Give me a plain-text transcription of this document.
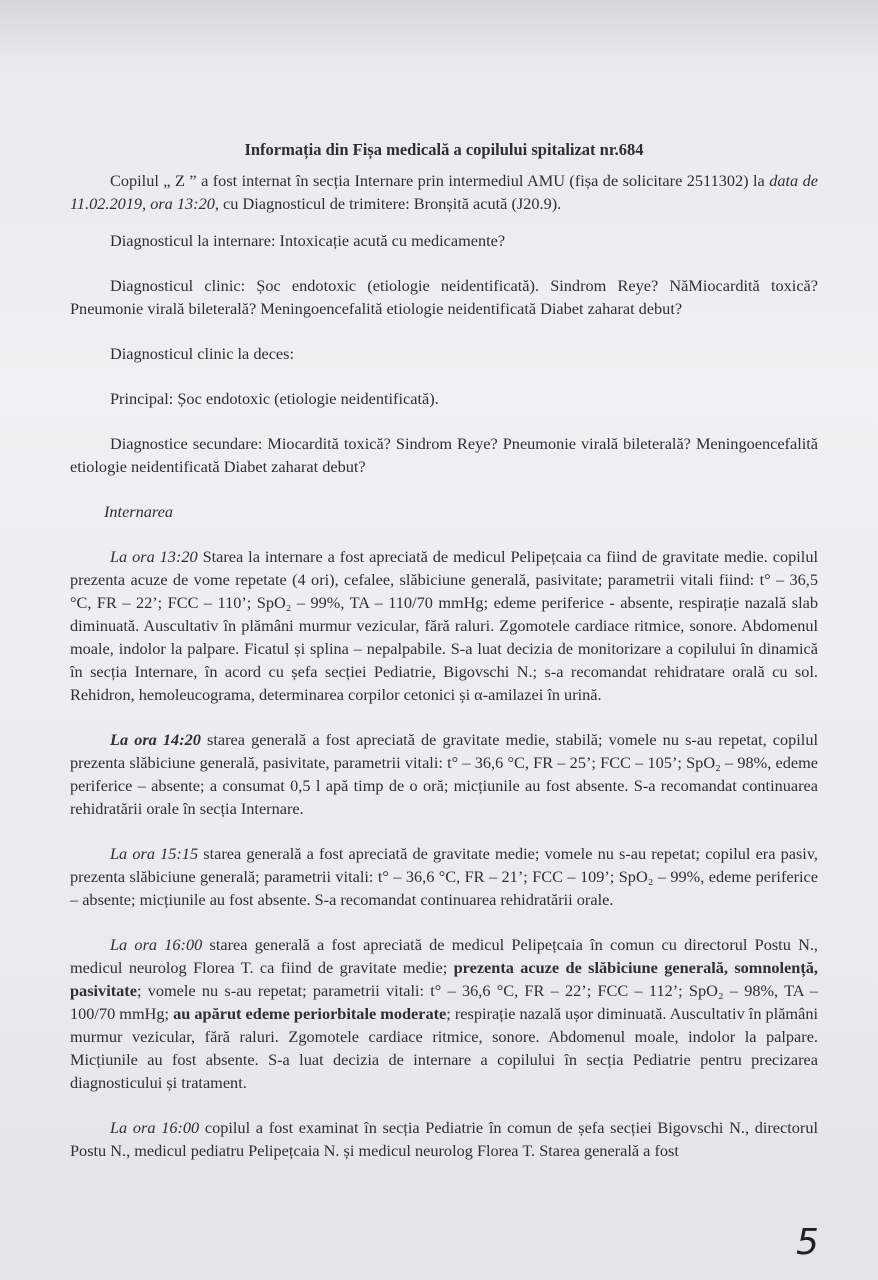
Informația din Fișa medicală a copilului spitalizat nr.684

Copilul „ Z ” a fost internat în secția Internare prin intermediul AMU (fișa de solicitare 2511302) la data de 11.02.2019, ora 13:20, cu Diagnosticul de trimitere: Bronșită acută (J20.9).

Diagnosticul la internare: Intoxicație acută cu medicamente?

Diagnosticul clinic: Șoc endotoxic (etiologie neidentificată). Sindrom Reye? NăMiocardită toxică? Pneumonie virală bileterală? Meningoencefalită etiologie neidentificată Diabet zaharat debut?

Diagnosticul clinic la deces:

Principal: Șoc endotoxic (etiologie neidentificată).

Diagnostice secundare: Miocardită toxică? Sindrom Reye? Pneumonie virală bileterală? Meningoencefalită etiologie neidentificată Diabet zaharat debut?

Internarea

La ora 13:20 Starea la internare a fost apreciată de medicul Pelipețcaia ca fiind de gravitate medie. copilul prezenta acuze de vome repetate (4 ori), cefalee, slăbiciune generală, pasivitate; parametrii vitali fiind: t° – 36,5 °C, FR – 22’; FCC – 110’; SpO₂ – 99%, TA – 110/70 mmHg; edeme periferice - absente, respirație nazală slab diminuată. Auscultativ în plămâni murmur vezicular, fără raluri. Zgomotele cardiace ritmice, sonore. Abdomenul moale, indolor la palpare. Ficatul și splina – nepalpabile. S-a luat decizia de monitorizare a copilului în dinamică în secția Internare, în acord cu șefa secției Pediatrie, Bigovschi N.; s-a recomandat rehidratare orală cu sol. Rehidron, hemoleucograma, determinarea corpilor cetonici și α-amilazei în urină.

La ora 14:20 starea generală a fost apreciată de gravitate medie, stabilă; vomele nu s-au repetat, copilul prezenta slăbiciune generală, pasivitate, parametrii vitali: t° – 36,6 °C, FR – 25’; FCC – 105’; SpO₂ – 98%, edeme periferice – absente; a consumat 0,5 l apă timp de o oră; micțiunile au fost absente. S-a recomandat continuarea rehidratării orale în secția Internare.

La ora 15:15 starea generală a fost apreciată de gravitate medie; vomele nu s-au repetat; copilul era pasiv, prezenta slăbiciune generală; parametrii vitali: t° – 36,6 °C, FR – 21’; FCC – 109’; SpO₂ – 99%, edeme periferice – absente; micțiunile au fost absente. S-a recomandat continuarea rehidratării orale.

La ora 16:00 starea generală a fost apreciată de medicul Pelipețcaia în comun cu directorul Postu N., medicul neurolog Florea T. ca fiind de gravitate medie; prezenta acuze de slăbiciune generală, somnolență, pasivitate; vomele nu s-au repetat; parametrii vitali: t° – 36,6 °C, FR – 22’; FCC – 112’; SpO₂ – 98%, TA – 100/70 mmHg; au apărut edeme periorbitale moderate; respirație nazală ușor diminuată. Auscultativ în plămâni murmur vezicular, fără raluri. Zgomotele cardiace ritmice, sonore. Abdomenul moale, indolor la palpare. Micțiunile au fost absente. S-a luat decizia de internare a copilului în secția Pediatrie pentru precizarea diagnosticului și tratament.

La ora 16:00 copilul a fost examinat în secția Pediatrie în comun de șefa secției Bigovschi N., directorul Postu N., medicul pediatru Pelipețcaia N. și medicul neurolog Florea T. Starea generală a fost

5
